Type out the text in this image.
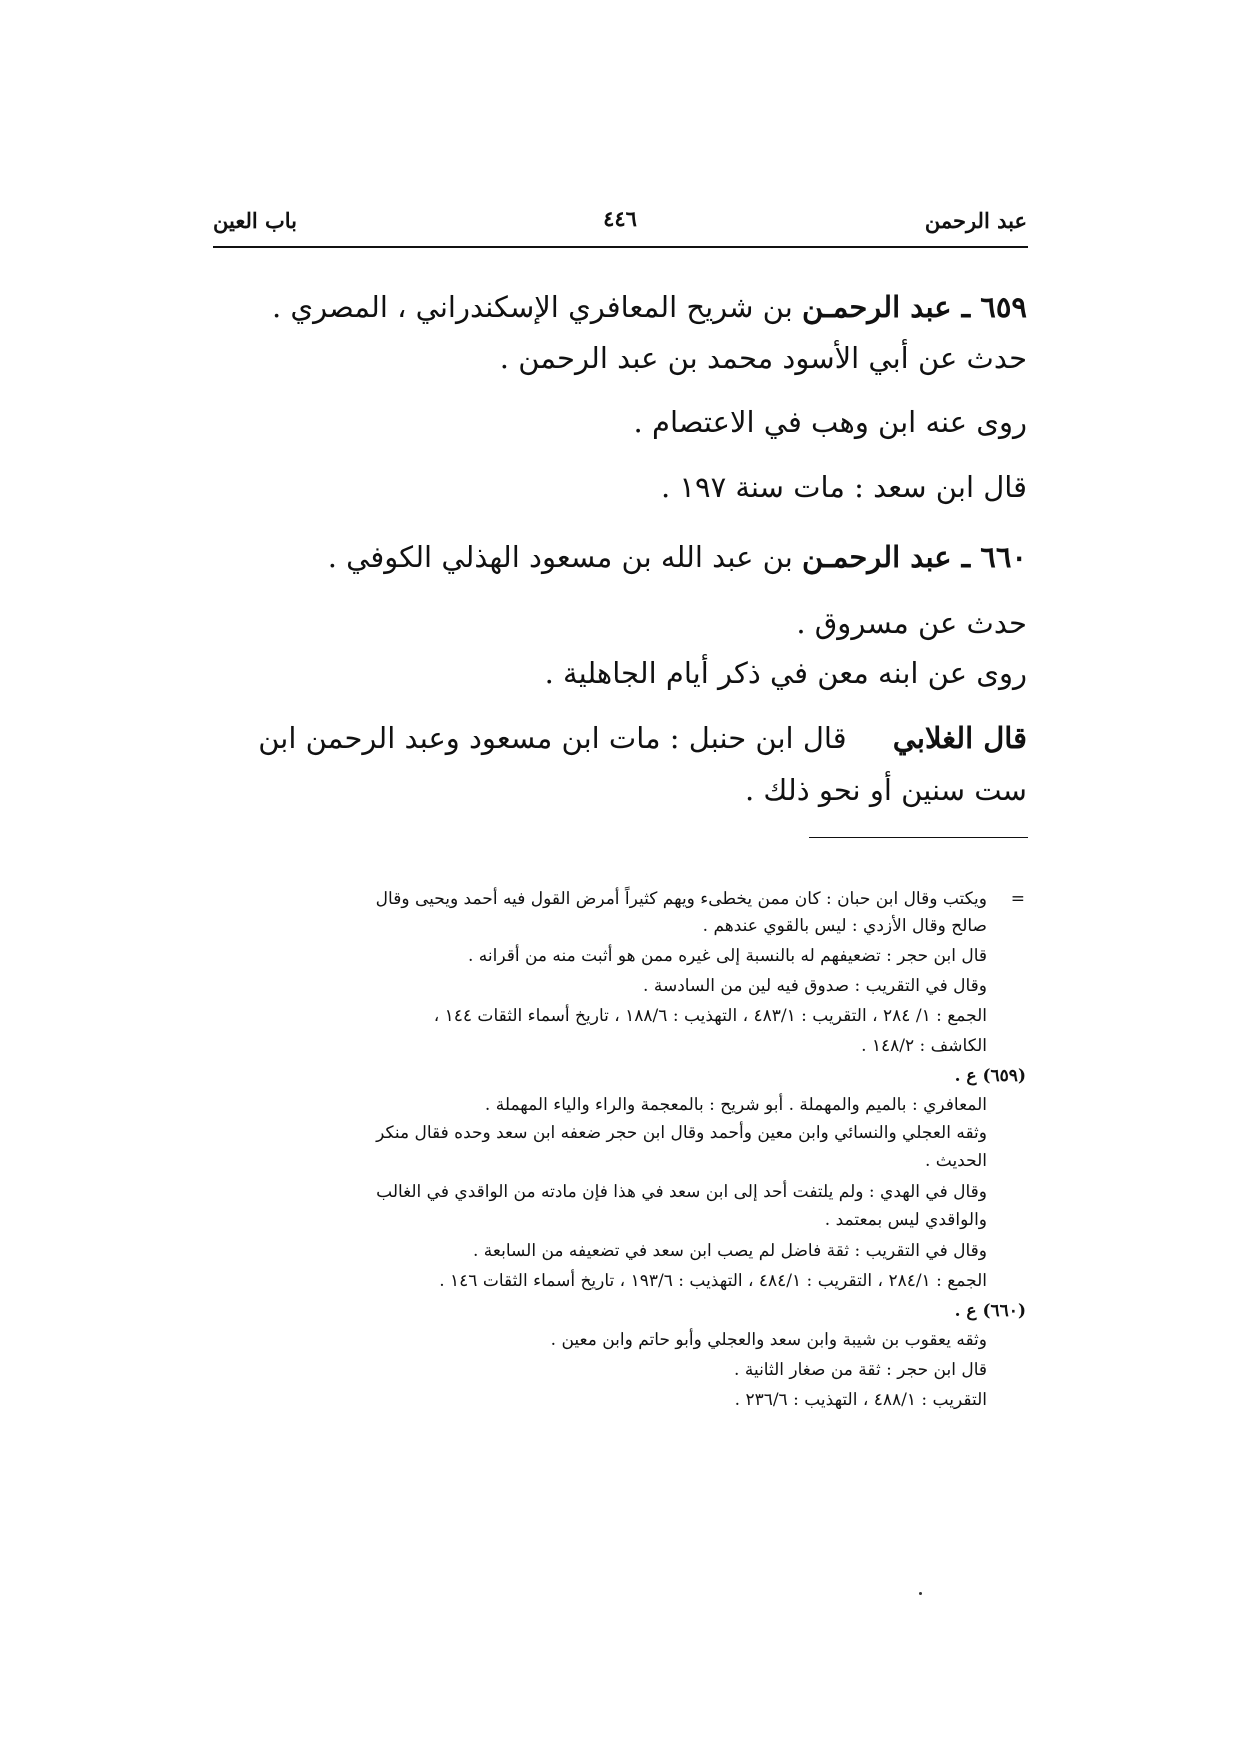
عبد الرحمن
٤٤٦
باب العين
٦٥٩ ـ عبد الرحمـن بن شريح المعافري الإسكندراني ، المصري .
حدث عن أبي الأسود محمد بن عبد الرحمن .
روى عنه ابن وهب في الاعتصام .
قال ابن سعد : مات سنة ١٩٧ .
٦٦٠ ـ عبد الرحمـن بن عبد الله بن مسعود الهذلي الكوفي .
حدث عن مسروق .
روى عن ابنه معن في ذكر أيام الجاهلية .
قال الغلابي     قال ابن حنبل : مات ابن مسعود وعبد الرحمن ابن
ست سنين أو نحو ذلك .
=
ويكتب وقال ابن حبان : كان ممن يخطىء ويهم كثيراً أمرض القول فيه أحمد ويحيى وقال
صالح وقال الأزدي : ليس بالقوي عندهم .
قال ابن حجر : تضعيفهم له بالنسبة إلى غيره ممن هو أثبت منه من أقرانه .
وقال في التقريب : صدوق فيه لين من السادسة .
الجمع : ١/ ٢٨٤ ، التقريب : ٤٨٣/١ ، التهذيب : ١٨٨/٦ ، تاريخ أسماء الثقات ١٤٤ ،
الكاشف : ١٤٨/٢ .
(٦٥٩) ع .
المعافري : بالميم والمهملة . أبو شريح : بالمعجمة والراء والياء المهملة .
وثقه العجلي والنسائي وابن معين وأحمد وقال ابن حجر ضعفه ابن سعد وحده فقال منكر
الحديث .
وقال في الهدي : ولم يلتفت أحد إلى ابن سعد في هذا فإن مادته من الواقدي في الغالب
والواقدي ليس بمعتمد .
وقال في التقريب : ثقة فاضل لم يصب ابن سعد في تضعيفه من السابعة .
الجمع : ٢٨٤/١ ، التقريب : ٤٨٤/١ ، التهذيب : ١٩٣/٦ ، تاريخ أسماء الثقات ١٤٦ .
(٦٦٠) ع .
وثقه يعقوب بن شيبة وابن سعد والعجلي وأبو حاتم وابن معين .
قال ابن حجر : ثقة من صغار الثانية .
التقريب : ٤٨٨/١ ، التهذيب : ٢٣٦/٦ .
